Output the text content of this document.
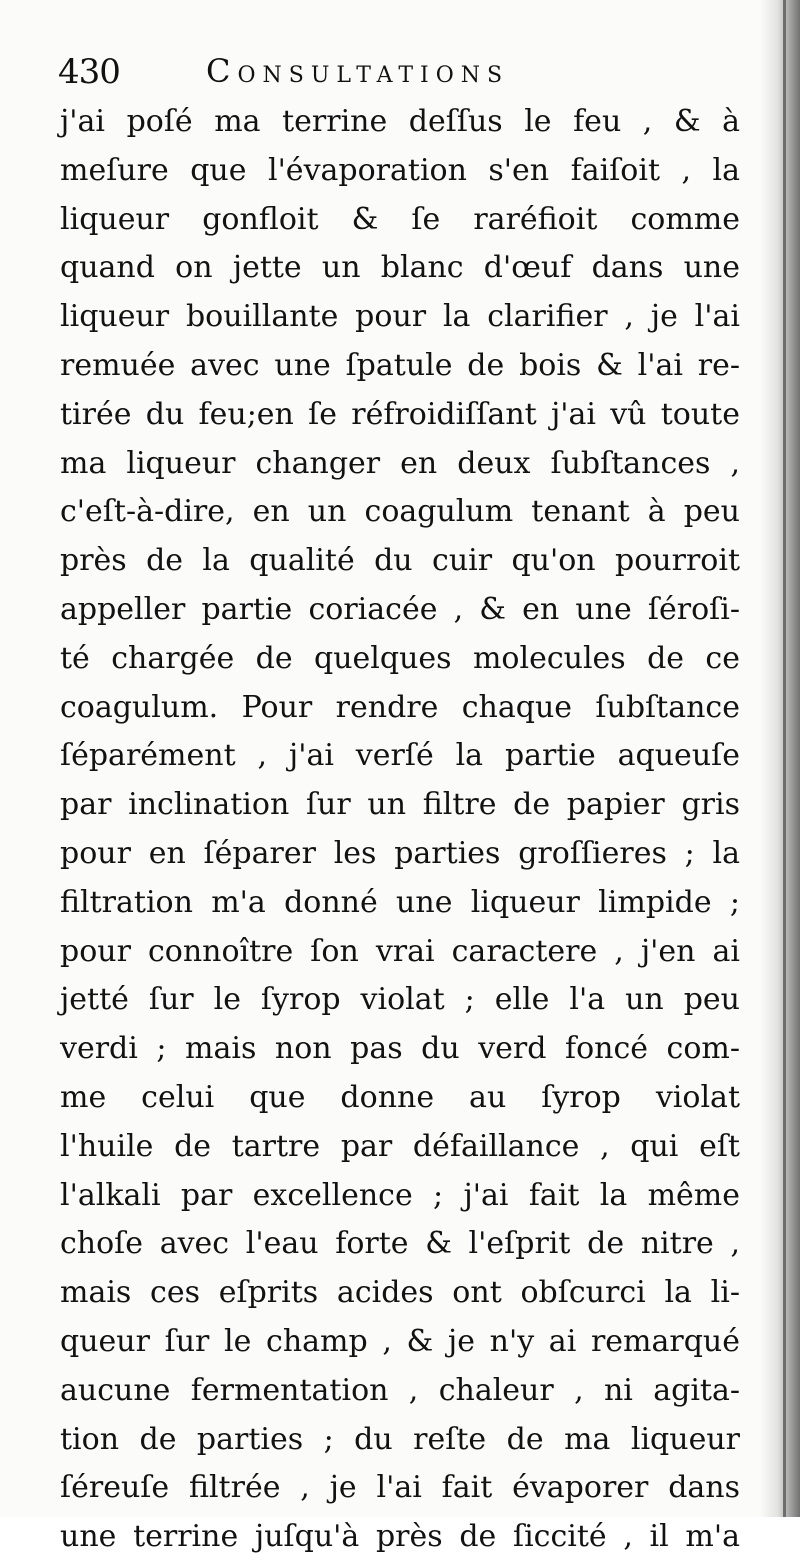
430	Consultations
j'ai poſé ma terrine deſſus le feu , & à
meſure que l'évaporation s'en faiſoit , la
liqueur gonfloit & ſe raréfioit comme
quand on jette un blanc d'œuf dans une
liqueur bouillante pour la clarifier , je l'ai
remuée avec une ſpatule de bois & l'ai re-
tirée du feu;en ſe réfroidiſſant j'ai vû toute
ma liqueur changer en deux ſubſtances ,
c'eſt-à-dire, en un coagulum tenant à peu
près de la qualité du cuir qu'on pourroit
appeller partie coriacée , & en une ſéroſi-
té chargée de quelques molecules de ce
coagulum. Pour rendre chaque ſubſtance
ſéparément , j'ai verſé la partie aqueuſe
par inclination ſur un filtre de papier gris
pour en ſéparer les parties groſſieres ; la
filtration m'a donné une liqueur limpide ;
pour connoître ſon vrai caractere , j'en ai
jetté ſur le ſyrop violat ; elle l'a un peu
verdi ; mais non pas du verd foncé com-
me celui que donne au ſyrop violat
l'huile de tartre par défaillance , qui eſt
l'alkali par excellence ; j'ai fait la même
choſe avec l'eau forte & l'eſprit de nitre ,
mais ces eſprits acides ont obſcurci la li-
queur ſur le champ , & je n'y ai remarqué
aucune fermentation , chaleur , ni agita-
tion de parties ; du reſte de ma liqueur
ſéreuſe filtrée , je l'ai fait évaporer dans
une terrine juſqu'à près de ſiccité , il m'a
